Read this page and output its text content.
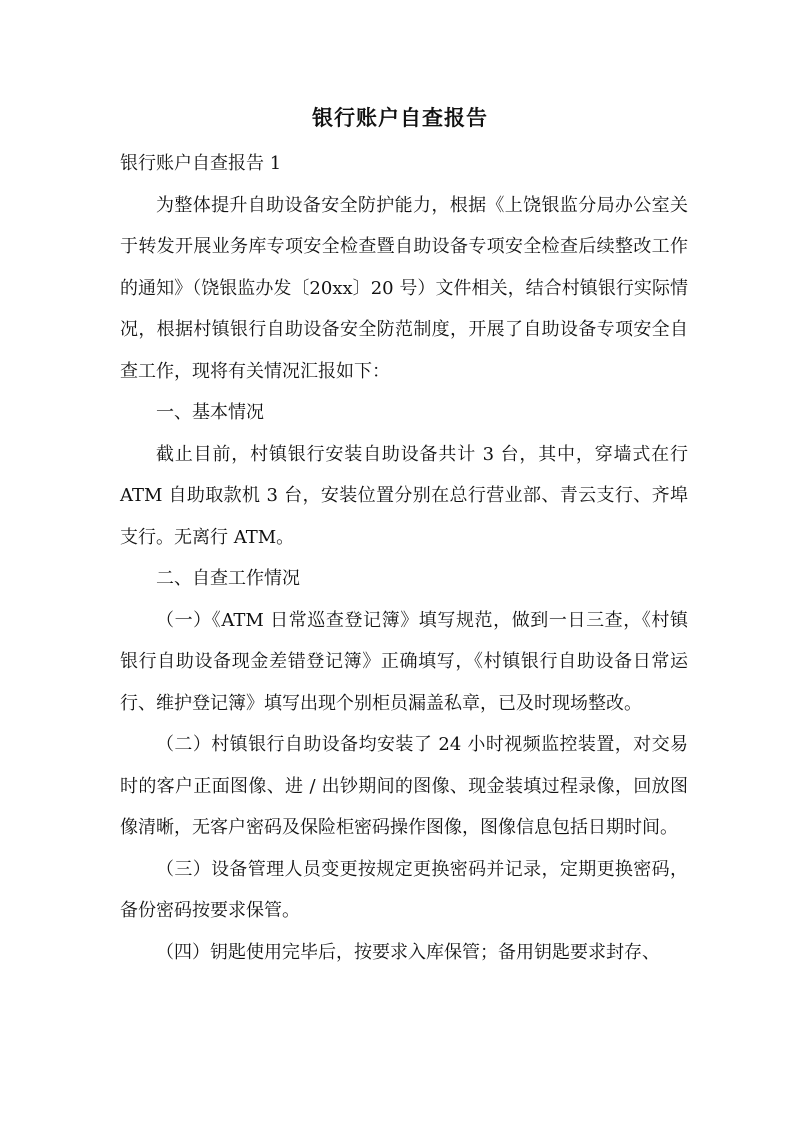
银行账户自查报告

银行账户自查报告 1

为整体提升自助设备安全防护能力，根据《上饶银监分局办公室关于转发开展业务库专项安全检查暨自助设备专项安全检查后续整改工作的通知》（饶银监办发〔20xx〕20 号）文件相关，结合村镇银行实际情况，根据村镇银行自助设备安全防范制度，开展了自助设备专项安全自查工作，现将有关情况汇报如下：

一、基本情况

截止目前，村镇银行安装自助设备共计 3 台，其中，穿墙式在行 ATM 自助取款机 3 台，安装位置分别在总行营业部、青云支行、齐埠支行。无离行 ATM。

二、自查工作情况

（一）《ATM 日常巡查登记簿》填写规范，做到一日三查，《村镇银行自助设备现金差错登记簿》正确填写，《村镇银行自助设备日常运行、维护登记簿》填写出现个别柜员漏盖私章，已及时现场整改。

（二）村镇银行自助设备均安装了 24 小时视频监控装置，对交易时的客户正面图像、进 / 出钞期间的图像、现金装填过程录像，回放图像清晰，无客户密码及保险柜密码操作图像，图像信息包括日期时间。

（三）设备管理人员变更按规定更换密码并记录，定期更换密码，备份密码按要求保管。

（四）钥匙使用完毕后，按要求入库保管；备用钥匙要求封存、
